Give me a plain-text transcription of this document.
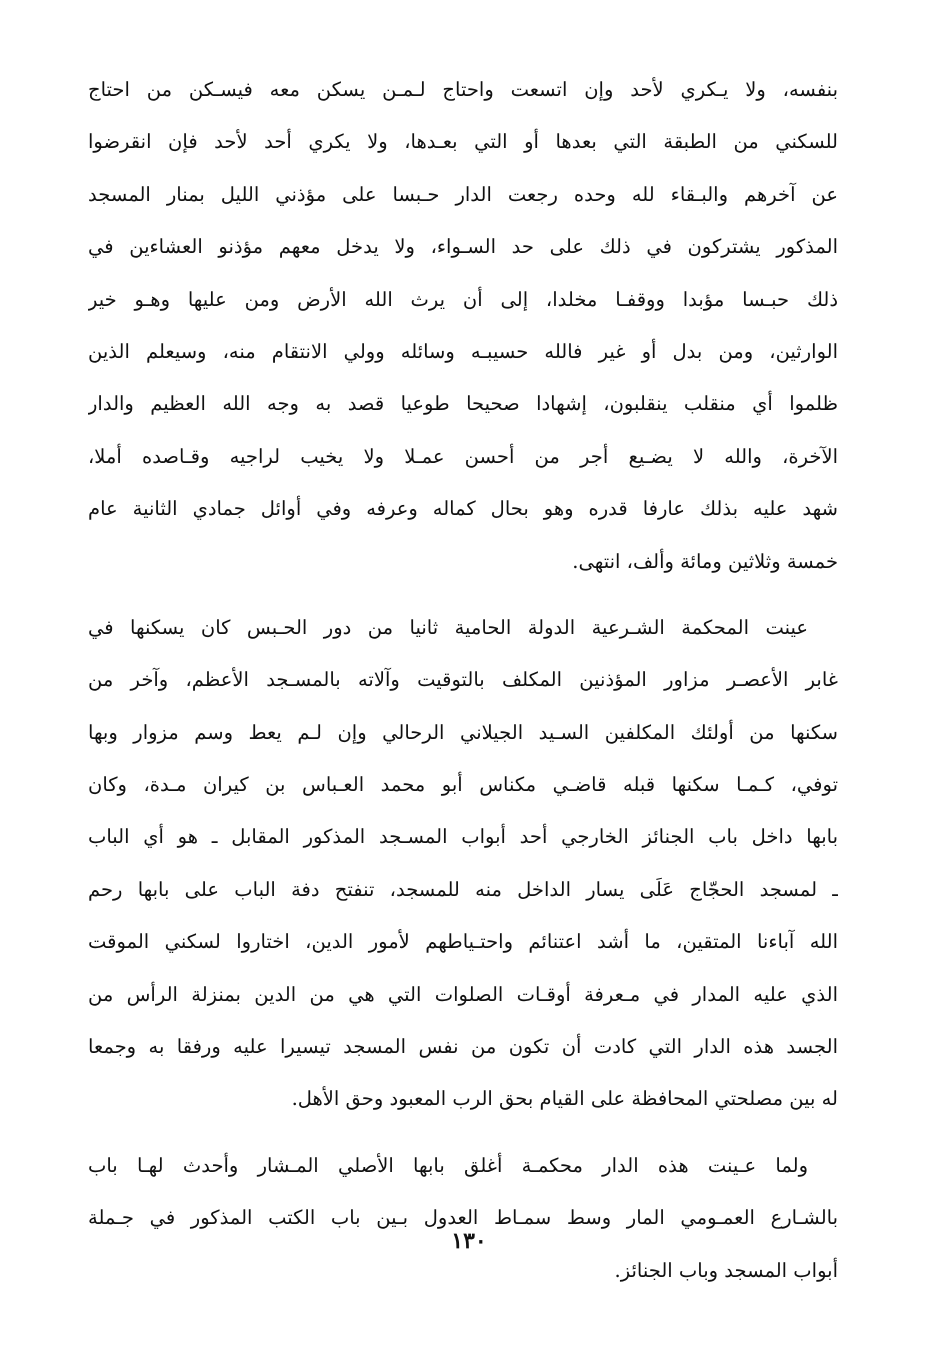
بنفسه، ولا يـكري لأحد وإن اتسعت واحتاج لـمـن يسكن معه فيسـكن من احتاج
للسكني من الطبقة التي بعدها أو التي بعـدها، ولا يكري أحد لأحد فإن انقرضوا
عن آخرهم والبـقاء لله وحده رجعت الدار حـبسا على مؤذني الليل بمنار المسجد
المذكور يشتركون في ذلك على حد السـواء، ولا يدخل معهم مؤذنو العشاءين في
ذلك حبـسا مؤبدا ووقفـا مخلدا، إلى أن يرث الله الأرض ومن عليها وهـو خير
الوارثين، ومن بدل أو غير فالله حسيبـه وسائله وولي الانتقام منه، وسيعلم الذين
ظلموا أي منقلب ينقلبون، إشهادا صحيحا طوعيا قصد به وجه الله العظيم والدار
الآخرة، والله لا يضـيع أجر من أحسن عمـلا ولا يخيب لراجيه وقـاصده أملا،
شهد عليه بذلك عارفا قدره وهو بحال كماله وعرفه وفي أوائل جمادي الثانية عام
خمسة وثلاثين ومائة وألف، انتهى.
عينت المحكمة الشـرعية الدولة الحامية ثانيا من دور الحـبس كان يسكنها في
غابر الأعصـر مزاور المؤذنين المكلف بالتوقيت وآلاته بالمسـجد الأعظم، وآخر من
سكنها من أولئك المكلفين السـيد الجيلاني الرحالي وإن لـم يعط وسم مزوار وبها
توفي، كـمـا سكنها قبله قاضـي مكناس أبو محمد العـباس بن كيران مـدة، وكان
بابها داخل باب الجنائز الخارجي أحد أبواب المسـجد المذكور المقابل ـ هو أي الباب
ـ لمسجد الحجّاج عَلَى يسار الداخل منه للمسجد، تنفتح دفة الباب على بابها رحم
الله آباءنا المتقين، ما أشد اعتنائم واحتـياطهم لأمور الدين، اختاروا لسكني الموقت
الذي عليه المدار في مـعرفة أوقـات الصلوات التي هي من الدين بمنزلة الرأس من
الجسد هذه الدار التي كادت أن تكون من نفس المسجد تيسيرا عليه ورفقا به وجمعا
له بين مصلحتي المحافظة على القيام بحق الرب المعبود وحق الأهل.
ولما عـينت هذه الدار محكمـة أغلق بابها الأصلي المـشار وأحدث لهـا باب
بالشـارع العمـومي المار وسط سمـاط العدول بـين باب الكتب المذكور في جـملة
أبواب المسجد وباب الجنائز.
١٣٠
